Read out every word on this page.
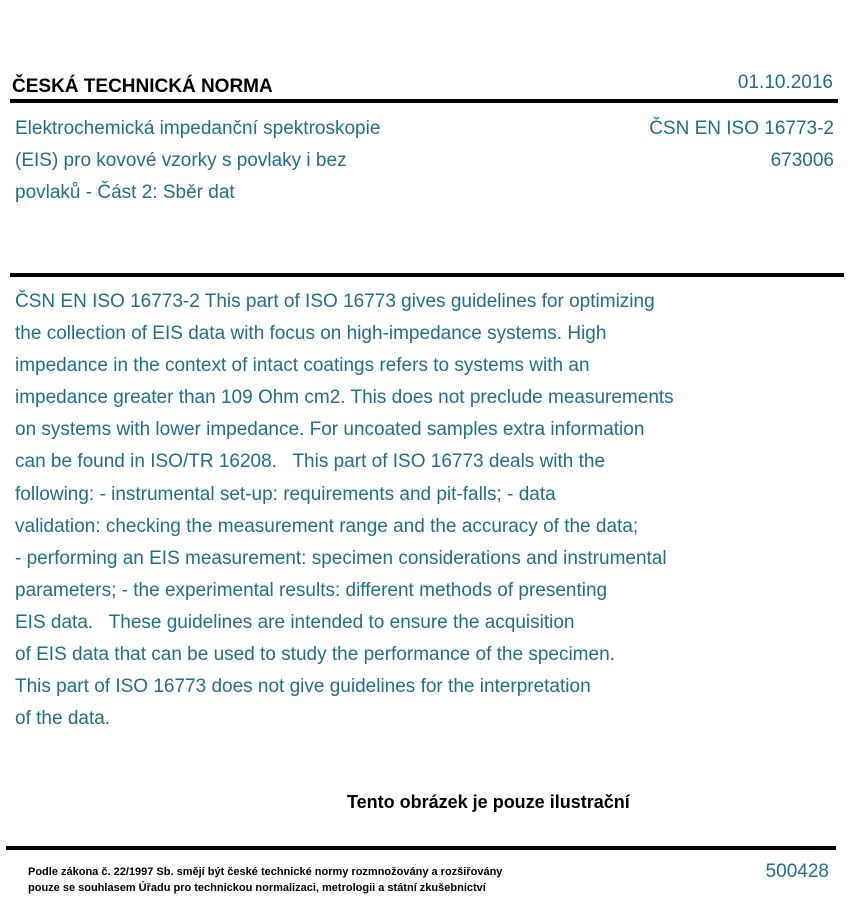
ČESKÁ TECHNICKÁ NORMA	01.10.2016
Elektrochemická impedanční spektroskopie
(EIS) pro kovové vzorky s povlaky i bez
povlaků - Část 2: Sběr dat
ČSN EN ISO 16773-2
673006
ČSN EN ISO 16773-2 This part of ISO 16773 gives guidelines for optimizing
the collection of EIS data with focus on high-impedance systems. High
impedance in the context of intact coatings refers to systems with an
impedance greater than 109 Ohm cm2. This does not preclude measurements
on systems with lower impedance. For uncoated samples extra information
can be found in ISO/TR 16208.   This part of ISO 16773 deals with the
following: - instrumental set-up: requirements and pit-falls; - data
validation: checking the measurement range and the accuracy of the data;
- performing an EIS measurement: specimen considerations and instrumental
parameters; - the experimental results: different methods of presenting
EIS data.   These guidelines are intended to ensure the acquisition
of EIS data that can be used to study the performance of the specimen.
This part of ISO 16773 does not give guidelines for the interpretation
of the data.
Tento obrázek je pouze ilustrační
Podle zákona č. 22/1997 Sb. smějí být české technické normy rozmnožovány a rozšiřovány
pouze se souhlasem Úřadu pro technickou normalizaci, metrologii a státní zkušebnictví
500428
